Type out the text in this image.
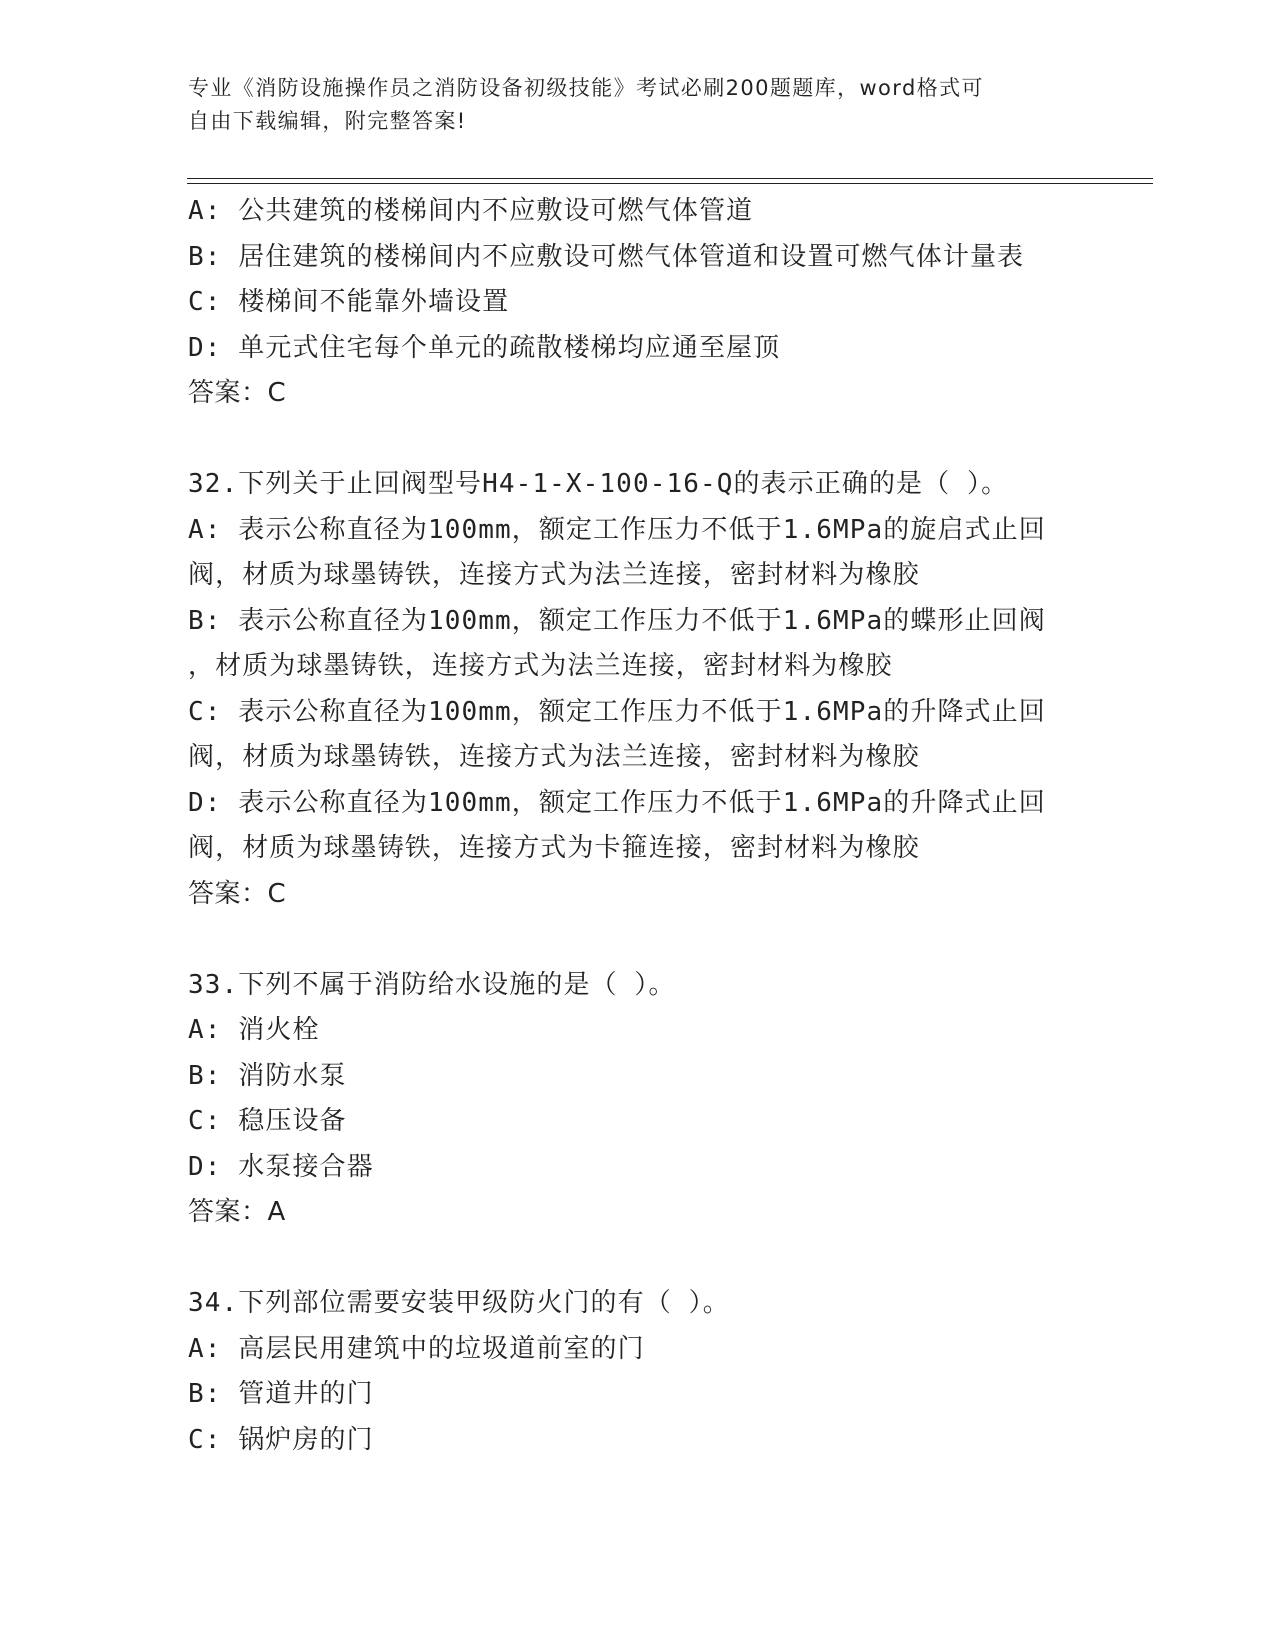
专业《消防设施操作员之消防设备初级技能》考试必刷200题题库，word格式可
自由下载编辑，附完整答案!
A: 公共建筑的楼梯间内不应敷设可燃气体管道
B: 居住建筑的楼梯间内不应敷设可燃气体管道和设置可燃气体计量表
C: 楼梯间不能靠外墙设置
D: 单元式住宅每个单元的疏散楼梯均应通至屋顶
答案：C
32.下列关于止回阀型号H4-1-X-100-16-Q的表示正确的是（ ）。
A: 表示公称直径为100mm，额定工作压力不低于1.6MPa的旋启式止回
阀，材质为球墨铸铁，连接方式为法兰连接，密封材料为橡胶
B: 表示公称直径为100mm，额定工作压力不低于1.6MPa的蝶形止回阀
，材质为球墨铸铁，连接方式为法兰连接，密封材料为橡胶
C: 表示公称直径为100mm，额定工作压力不低于1.6MPa的升降式止回
阀，材质为球墨铸铁，连接方式为法兰连接，密封材料为橡胶
D: 表示公称直径为100mm，额定工作压力不低于1.6MPa的升降式止回
阀，材质为球墨铸铁，连接方式为卡箍连接，密封材料为橡胶
答案：C
33.下列不属于消防给水设施的是（ ）。
A: 消火栓
B: 消防水泵
C: 稳压设备
D: 水泵接合器
答案：A
34.下列部位需要安装甲级防火门的有（ ）。
A: 高层民用建筑中的垃圾道前室的门
B: 管道井的门
C: 锅炉房的门
